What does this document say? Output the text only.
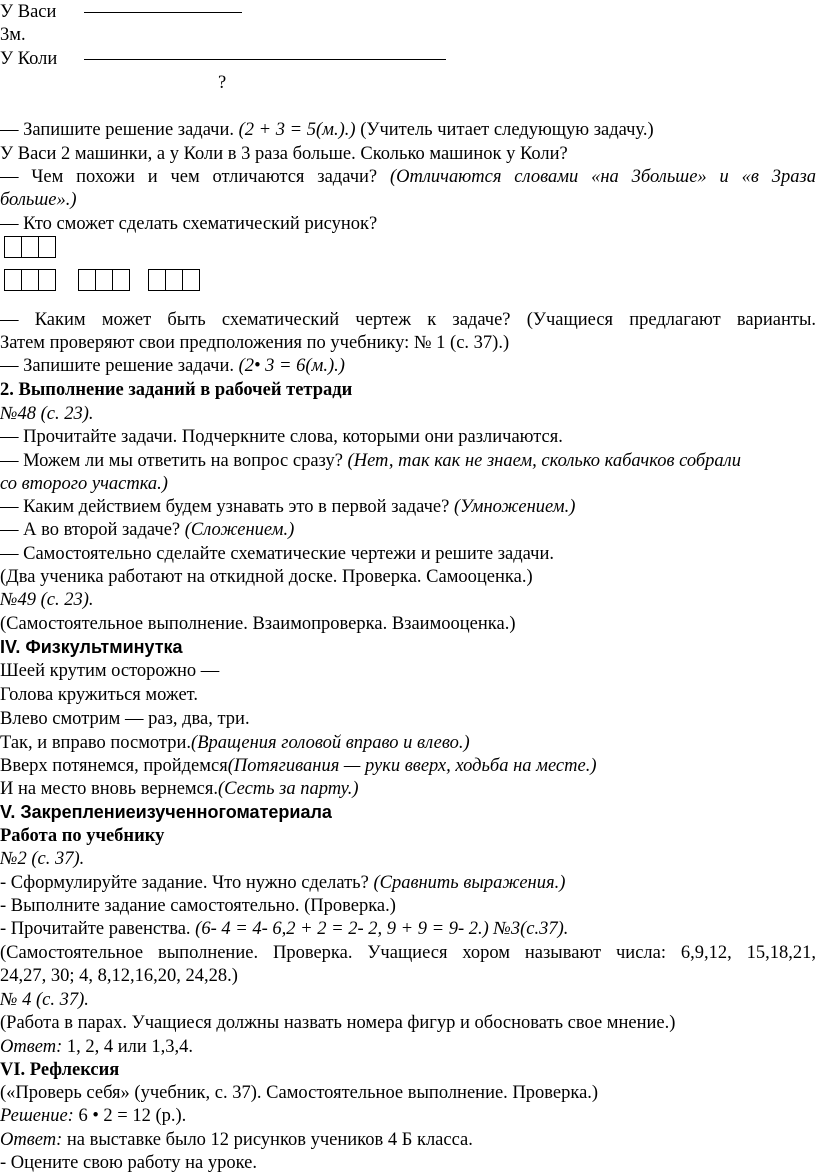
У Васи
3м.
У Коли
?
— Запишите решение задачи. (2 + 3 = 5(м.).) (Учитель читает следующую задачу.)
У Васи 2 машинки, а у Коли в 3 раза больше. Сколько машинок у Коли?
— Чем похожи и чем отличаются задачи? (Отличаются словами «на 3больше» и «в 3раза
больше».)
— Кто сможет сделать схематический рисунок?
— Каким может быть схематический чертеж к задаче? (Учащиеся предлагают варианты.
Затем проверяют свои предположения по учебнику: № 1 (с. 37).)
— Запишите решение задачи. (2• 3 = 6(м.).)
2. Выполнение заданий в рабочей тетради
№48 (с. 23).
— Прочитайте задачи. Подчеркните слова, которыми они различаются.
— Можем ли мы ответить на вопрос сразу? (Нет, так как не знаем, сколько кабачков собрали
со второго участка.)
— Каким действием будем узнавать это в первой задаче? (Умножением.)
— А во второй задаче? (Сложением.)
— Самостоятельно сделайте схематические чертежи и решите задачи.
(Два ученика работают на откидной доске. Проверка. Самооценка.)
№49 (с. 23).
(Самостоятельное выполнение. Взаимопроверка. Взаимооценка.)
IV. Физкультминутка
Шеей крутим осторожно —
Голова кружиться может.
Влево смотрим — раз, два, три.
Так, и вправо посмотри.(Вращения головой вправо и влево.)
Вверх потянемся, пройдемся(Потягивания — руки вверх, ходьба на месте.)
И на место вновь вернемся.(Сесть за парту.)
V. Закреплениеизученногоматериала
Работа по учебнику
№2 (с. 37).
- Сформулируйте задание. Что нужно сделать? (Сравнить выражения.)
- Выполните задание самостоятельно. (Проверка.)
- Прочитайте равенства. (6- 4 = 4- 6,2 + 2 = 2- 2, 9 + 9 = 9- 2.) №3(с.37).
(Самостоятельное выполнение. Проверка. Учащиеся хором называют числа: 6,9,12, 15,18,21,
24,27, 30; 4, 8,12,16,20, 24,28.)
№ 4 (с. 37).
(Работа в парах. Учащиеся должны назвать номера фигур и обосновать свое мнение.)
Ответ: 1, 2, 4 или 1,3,4.
VI. Рефлексия
(«Проверь себя» (учебник, с. 37). Самостоятельное выполнение. Проверка.)
Решение: 6 • 2 = 12 (р.).
Ответ: на выставке было 12 рисунков учеников 4 Б класса.
- Оцените свою работу на уроке.
